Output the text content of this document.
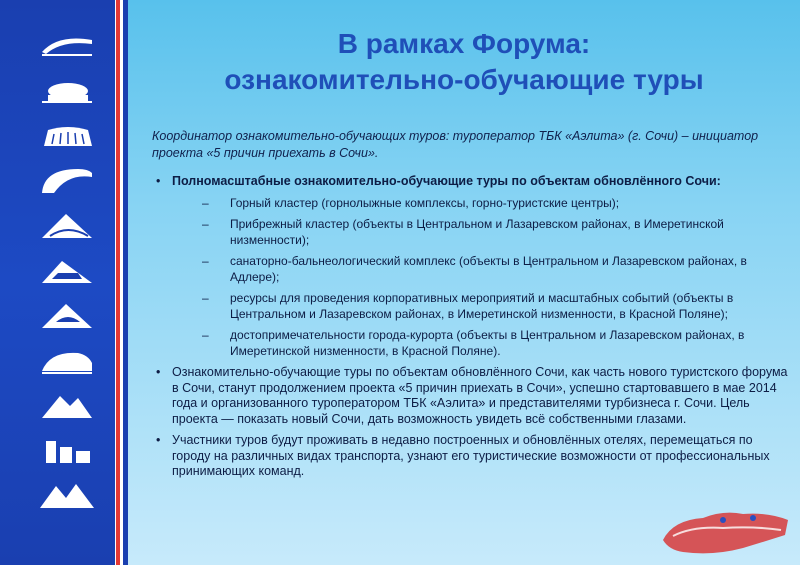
В рамках Форума:
ознакомительно-обучающие туры
Координатор ознакомительно-обучающих туров: туроператор ТБК «Аэлита» (г. Сочи) – инициатор проекта «5 причин приехать в Сочи».
• Полномасштабные ознакомительно-обучающие туры по объектам обновлённого Сочи:
– Горный кластер (горнолыжные комплексы, горно-туристские центры);
– Прибрежный кластер (объекты в Центральном и Лазаревском районах, в Имеретинской низменности);
– санаторно-бальнеологический комплекс (объекты в Центральном и Лазаревском районах, в Адлере);
– ресурсы для проведения корпоративных мероприятий и масштабных событий (объекты в Центральном и Лазаревском районах, в Имеретинской низменности, в Красной Поляне);
– достопримечательности города-курорта (объекты в Центральном и Лазаревском районах, в Имеретинской низменности, в Красной Поляне).
• Ознакомительно-обучающие туры по объектам обновлённого Сочи, как часть нового туристского форума в Сочи, станут продолжением проекта «5 причин приехать в Сочи», успешно стартовавшего в мае 2014 года и организованного туроператором ТБК «Аэлита» и представителями турбизнеса г. Сочи. Цель проекта — показать новый Сочи, дать возможность увидеть всё собственными глазами.
• Участники туров будут проживать в недавно построенных и обновлённых отелях, перемещаться по городу на различных видах транспорта, узнают его туристические возможности от профессиональных принимающих команд.
